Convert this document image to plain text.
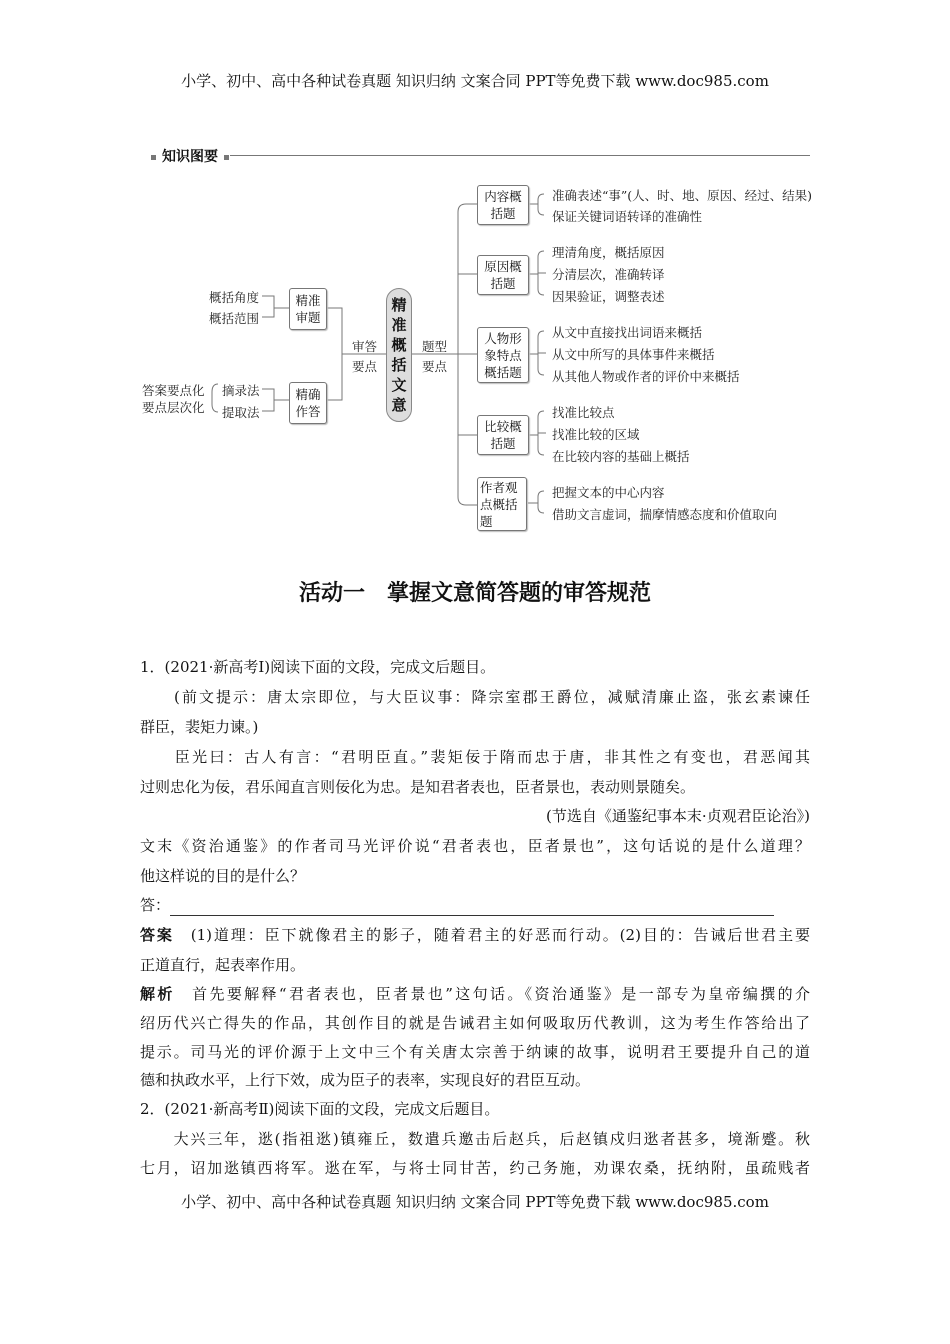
小学、初中、高中各种试卷真题 知识归纳 文案合同 PPT等免费下载 www.doc985.com
知识图要
精准概括文意
审答
要点
题型
要点
精准审题
精确作答
概括角度
概括范围
摘录法
提取法
答案要点化
要点层次化
内容概括题
原因概括题
人物形象特点概括题
比较概括题
作者观点概括题
准确表述“事”(人、时、地、原因、经过、结果)
保证关键词语转译的准确性
理清角度，概括原因
分清层次，准确转译
因果验证，调整表述
从文中直接找出词语来概括
从文中所写的具体事件来概括
从其他人物或作者的评价中来概括
找准比较点
找准比较的区域
在比较内容的基础上概括
把握文本的中心内容
借助文言虚词，揣摩情感态度和价值取向
活动一　掌握文意简答题的审答规范
1．(2021·新高考Ⅰ)阅读下面的文段，完成文后题目。
　　(前文提示：唐太宗即位，与大臣议事：降宗室郡王爵位，减赋清廉止盗，张玄素谏任
群臣，裴矩力谏。)
　　臣光曰：古人有言：“君明臣直。”裴矩佞于隋而忠于唐，非其性之有变也，君恶闻其
过则忠化为佞，君乐闻直言则佞化为忠。是知君者表也，臣者景也，表动则景随矣。
(节选自《通鉴纪事本末·贞观君臣论治》)
文末《资治通鉴》的作者司马光评价说“君者表也，臣者景也”，这句话说的是什么道理？
他这样说的目的是什么？
答：
答案　(1)道理：臣下就像君主的影子，随着君主的好恶而行动。(2)目的：告诫后世君主要
正道直行，起表率作用。
解析　首先要解释“君者表也，臣者景也”这句话。《资治通鉴》是一部专为皇帝编撰的介
绍历代兴亡得失的作品，其创作目的就是告诫君主如何吸取历代教训，这为考生作答给出了
提示。司马光的评价源于上文中三个有关唐太宗善于纳谏的故事，说明君王要提升自己的道
德和执政水平，上行下效，成为臣子的表率，实现良好的君臣互动。
2．(2021·新高考Ⅱ)阅读下面的文段，完成文后题目。
　　大兴三年，逖(指祖逖)镇雍丘，数遣兵邀击后赵兵，后赵镇戍归逖者甚多，境渐蹙。秋
七月，诏加逖镇西将军。逖在军，与将士同甘苦，约己务施，劝课农桑，抚纳附，虽疏贱者
小学、初中、高中各种试卷真题 知识归纳 文案合同 PPT等免费下载 www.doc985.com
